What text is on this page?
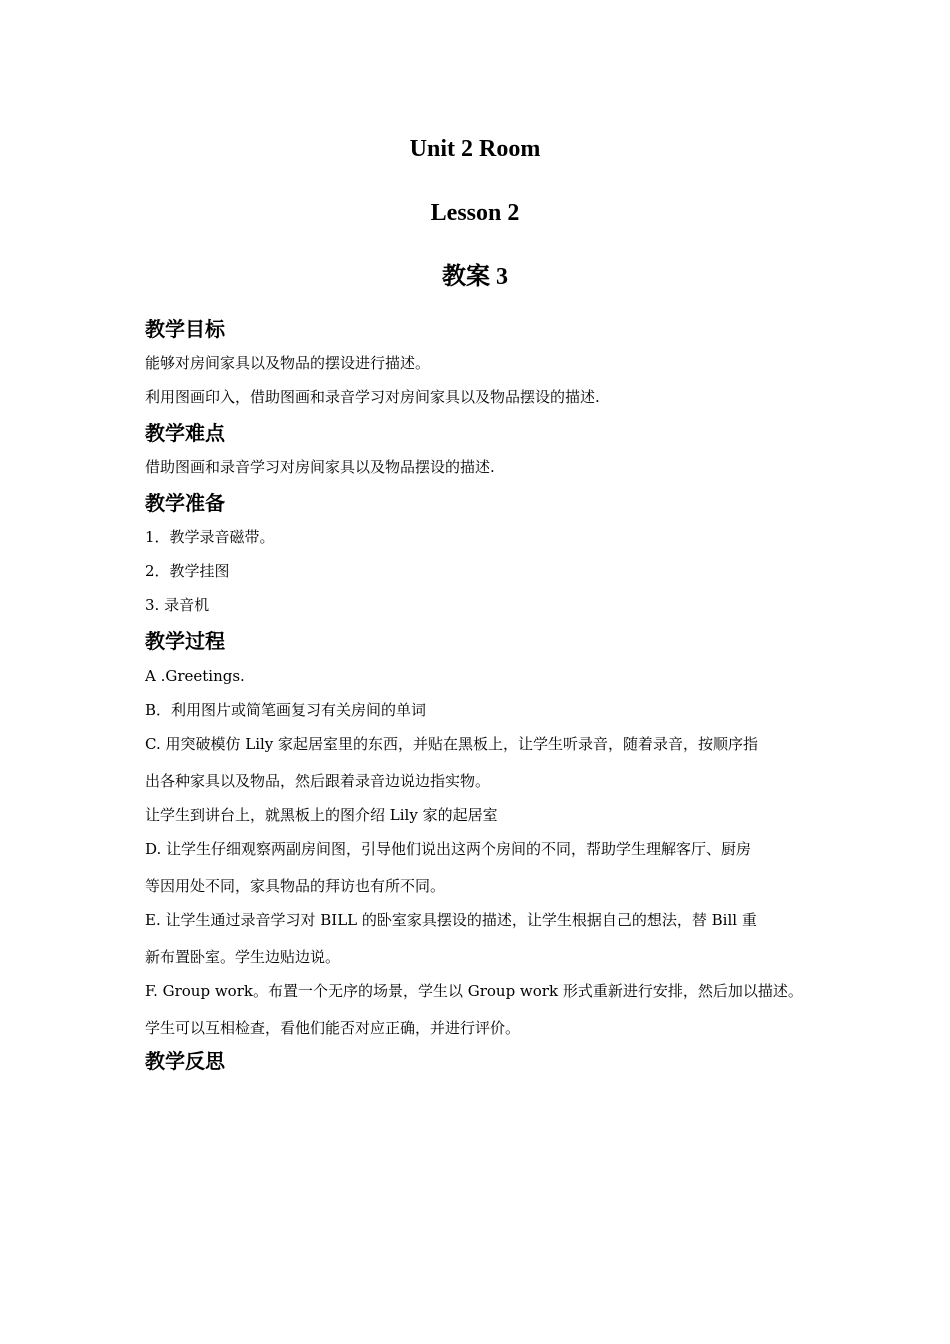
Unit 2 Room
Lesson 2
教案 3
教学目标
能够对房间家具以及物品的摆设进行描述。
利用图画印入，借助图画和录音学习对房间家具以及物品摆设的描述.
教学难点
借助图画和录音学习对房间家具以及物品摆设的描述.
教学准备
1．教学录音磁带。
2．教学挂图
3. 录音机
教学过程
A .Greetings.
B．利用图片或简笔画复习有关房间的单词
C. 用突破模仿 Lily 家起居室里的东西，并贴在黑板上，让学生听录音，随着录音，按顺序指
出各种家具以及物品，然后跟着录音边说边指实物。
让学生到讲台上，就黑板上的图介绍 Lily 家的起居室
D. 让学生仔细观察两副房间图，引导他们说出这两个房间的不同，帮助学生理解客厅、厨房
等因用处不同，家具物品的拜访也有所不同。
E. 让学生通过录音学习对 BILL 的卧室家具摆设的描述，让学生根据自己的想法，替 Bill 重
新布置卧室。学生边贴边说。
F. Group work。布置一个无序的场景，学生以 Group work 形式重新进行安排，然后加以描述。
学生可以互相检查，看他们能否对应正确，并进行评价。
教学反思
